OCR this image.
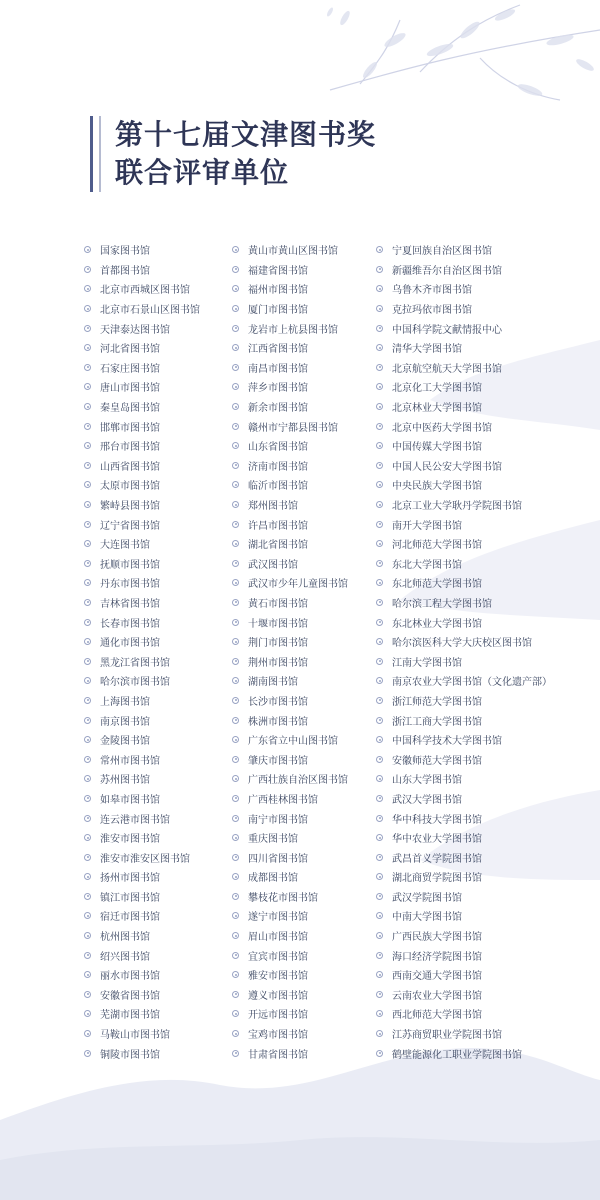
第十七届文津图书奖
联合评审单位
国家图书馆
首都图书馆
北京市西城区图书馆
北京市石景山区图书馆
天津泰达图书馆
河北省图书馆
石家庄图书馆
唐山市图书馆
秦皇岛图书馆
邯郸市图书馆
邢台市图书馆
山西省图书馆
太原市图书馆
繁峙县图书馆
辽宁省图书馆
大连图书馆
抚顺市图书馆
丹东市图书馆
吉林省图书馆
长春市图书馆
通化市图书馆
黑龙江省图书馆
哈尔滨市图书馆
上海图书馆
南京图书馆
金陵图书馆
常州市图书馆
苏州图书馆
如皋市图书馆
连云港市图书馆
淮安市图书馆
淮安市淮安区图书馆
扬州市图书馆
镇江市图书馆
宿迁市图书馆
杭州图书馆
绍兴图书馆
丽水市图书馆
安徽省图书馆
芜湖市图书馆
马鞍山市图书馆
铜陵市图书馆
黄山市黄山区图书馆
福建省图书馆
福州市图书馆
厦门市图书馆
龙岩市上杭县图书馆
江西省图书馆
南昌市图书馆
萍乡市图书馆
新余市图书馆
赣州市宁都县图书馆
山东省图书馆
济南市图书馆
临沂市图书馆
郑州图书馆
许昌市图书馆
湖北省图书馆
武汉图书馆
武汉市少年儿童图书馆
黄石市图书馆
十堰市图书馆
荆门市图书馆
荆州市图书馆
湖南图书馆
长沙市图书馆
株洲市图书馆
广东省立中山图书馆
肇庆市图书馆
广西壮族自治区图书馆
广西桂林图书馆
南宁市图书馆
重庆图书馆
四川省图书馆
成都图书馆
攀枝花市图书馆
遂宁市图书馆
眉山市图书馆
宜宾市图书馆
雅安市图书馆
遵义市图书馆
开远市图书馆
宝鸡市图书馆
甘肃省图书馆
宁夏回族自治区图书馆
新疆维吾尔自治区图书馆
乌鲁木齐市图书馆
克拉玛依市图书馆
中国科学院文献情报中心
清华大学图书馆
北京航空航天大学图书馆
北京化工大学图书馆
北京林业大学图书馆
北京中医药大学图书馆
中国传媒大学图书馆
中国人民公安大学图书馆
中央民族大学图书馆
北京工业大学耿丹学院图书馆
南开大学图书馆
河北师范大学图书馆
东北大学图书馆
东北师范大学图书馆
哈尔滨工程大学图书馆
东北林业大学图书馆
哈尔滨医科大学大庆校区图书馆
江南大学图书馆
南京农业大学图书馆（文化遗产部）
浙江师范大学图书馆
浙江工商大学图书馆
中国科学技术大学图书馆
安徽师范大学图书馆
山东大学图书馆
武汉大学图书馆
华中科技大学图书馆
华中农业大学图书馆
武昌首义学院图书馆
湖北商贸学院图书馆
武汉学院图书馆
中南大学图书馆
广西民族大学图书馆
海口经济学院图书馆
西南交通大学图书馆
云南农业大学图书馆
西北师范大学图书馆
江苏商贸职业学院图书馆
鹤壁能源化工职业学院图书馆
